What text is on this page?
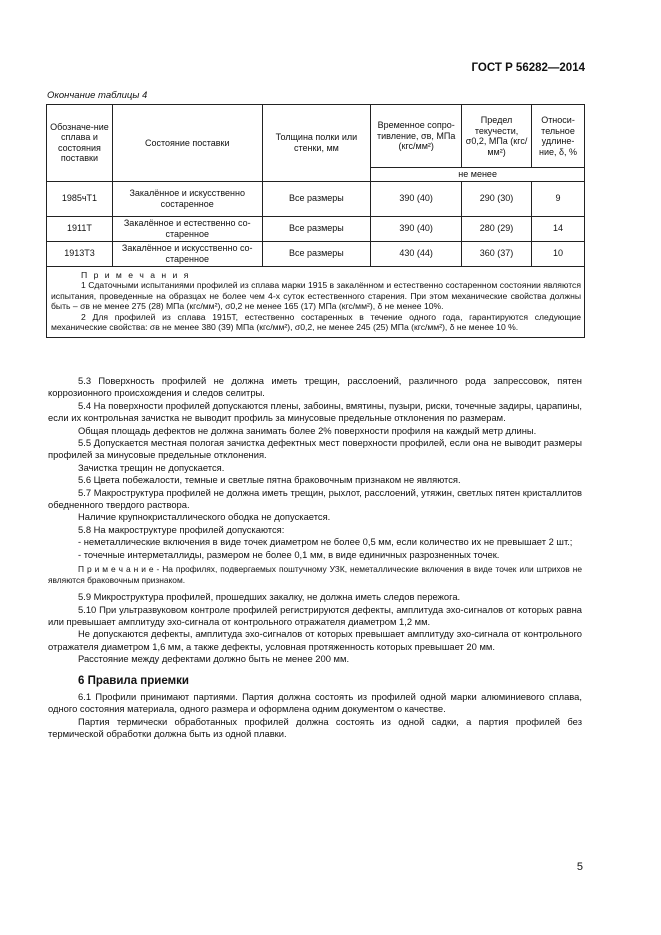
ГОСТ Р 56282—2014
Окончание таблицы 4
Обозначе-ние сплава и состояния поставки	Состояние поставки	Толщина полки или стенки, мм	Временное сопро-тивление, σв, МПа (кгс/мм²)	Предел текучести, σ0,2, МПа (кгс/мм²)	Относи-тельное удлине-ние, δ, %
			не менее		
1985чТ1	Закалённое и искусственно состаренное	Все размеры	390 (40)	290 (30)	9
1911Т	Закалённое и естественно со-старенное	Все размеры	390 (40)	280 (29)	14
1913Т3	Закалённое и искусственно со-старенное	Все размеры	430 (44)	360 (37)	10

П р и м е ч а н и я

1 Сдаточными испытаниями профилей из сплава марки 1915 в закалённом и естественно состаренном состоянии являются испытания, проведенные на образцах не более чем 4-х суток естественного старения. При этом механические свойства должны быть – σв не менее 275 (28) МПа (кгс/мм²), σ0,2 не менее 165 (17) МПа (кгс/мм²), δ не менее 10%.

2 Для профилей из сплава 1915Т, естественно состаренных в течение одного года, гарантируются следующие механические свойства: σв не менее 380 (39) МПа (кгс/мм²), σ0,2, не менее 245 (25) МПа (кгс/мм²), δ не менее 10 %.					

5.3 Поверхность профилей не должна иметь трещин, расслоений, различного рода запрессовок, пятен коррозионного происхождения и следов селитры.

5.4 На поверхности профилей допускаются плены, забоины, вмятины, пузыри, риски, точечные задиры, царапины, если их контрольная зачистка не выводит профиль за минусовые предельные отклонения по размерам.

Общая площадь дефектов не должна занимать более 2% поверхности профиля на каждый метр длины.

5.5 Допускается местная пологая зачистка дефектных мест поверхности профилей, если она не выводит размеры профилей за минусовые предельные отклонения.

Зачистка трещин не допускается.

5.6 Цвета побежалости, темные и светлые пятна браковочным признаком не являются.

5.7 Макроструктура профилей не должна иметь трещин, рыхлот, расслоений, утяжин, светлых пятен кристаллитов обедненного твердого раствора.

Наличие крупнокристаллического ободка не допускается.

5.8 На макроструктуре профилей допускаются:

- неметаллические включения в виде точек диаметром не более 0,5 мм, если количество их не превышает 2 шт.;

- точечные интерметаллиды, размером не более 0,1 мм, в виде единичных разрозненных точек.

П р и м е ч а н и е - На профилях, подвергаемых поштучному УЗК, неметаллические включения в виде точек или штрихов не являются браковочным признаком.

5.9 Микроструктура профилей, прошедших закалку, не должна иметь следов пережога.

5.10 При ультразвуковом контроле профилей регистрируются дефекты, амплитуда эхо-сигналов от которых равна или превышает амплитуду эхо-сигнала от контрольного отражателя диаметром 1,2 мм.

Не допускаются дефекты, амплитуда эхо-сигналов от которых превышает амплитуду эхо-сигнала от контрольного отражателя диаметром 1,6 мм, а также дефекты, условная протяженность которых превышает 20 мм.

Расстояние между дефектами должно быть не менее 200 мм.

6 Правила приемки

6.1 Профили принимают партиями. Партия должна состоять из профилей одной марки алюминиевого сплава, одного состояния материала, одного размера и оформлена одним документом о качестве.

Партия термически обработанных профилей должна состоять из одной садки, а партия профилей без термической обработки должна быть из одной плавки.

5
